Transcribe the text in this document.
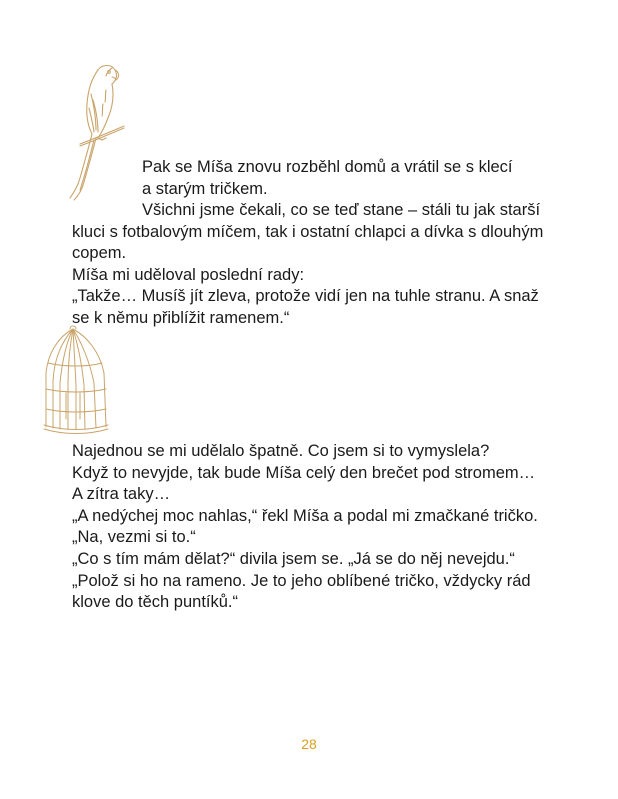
Pak se Míša znovu rozběhl domů a vrátil se s klecí
a starým tričkem.

Všichni jsme čekali, co se teď stane – stáli tu jak starší
kluci s fotbalovým míčem, tak i ostatní chlapci a dívka s dlouhým
copem.
Míša mi uděloval poslední rady:
„Takže… Musíš jít zleva, protože vidí jen na tuhle stranu. A snaž
se k němu přiblížit ramenem.“

Najednou se mi udělalo špatně. Co jsem si to vymyslela?
Když to nevyjde, tak bude Míša celý den brečet pod stromem…
A zítra taky…
„A nedýchej moc nahlas,“ řekl Míša a podal mi zmačkané tričko.
„Na, vezmi si to.“
„Co s tím mám dělat?“ divila jsem se. „Já se do něj nevejdu.“
„Polož si ho na rameno. Je to jeho oblíbené tričko, vždycky rád
klove do těch puntíků.“

28
